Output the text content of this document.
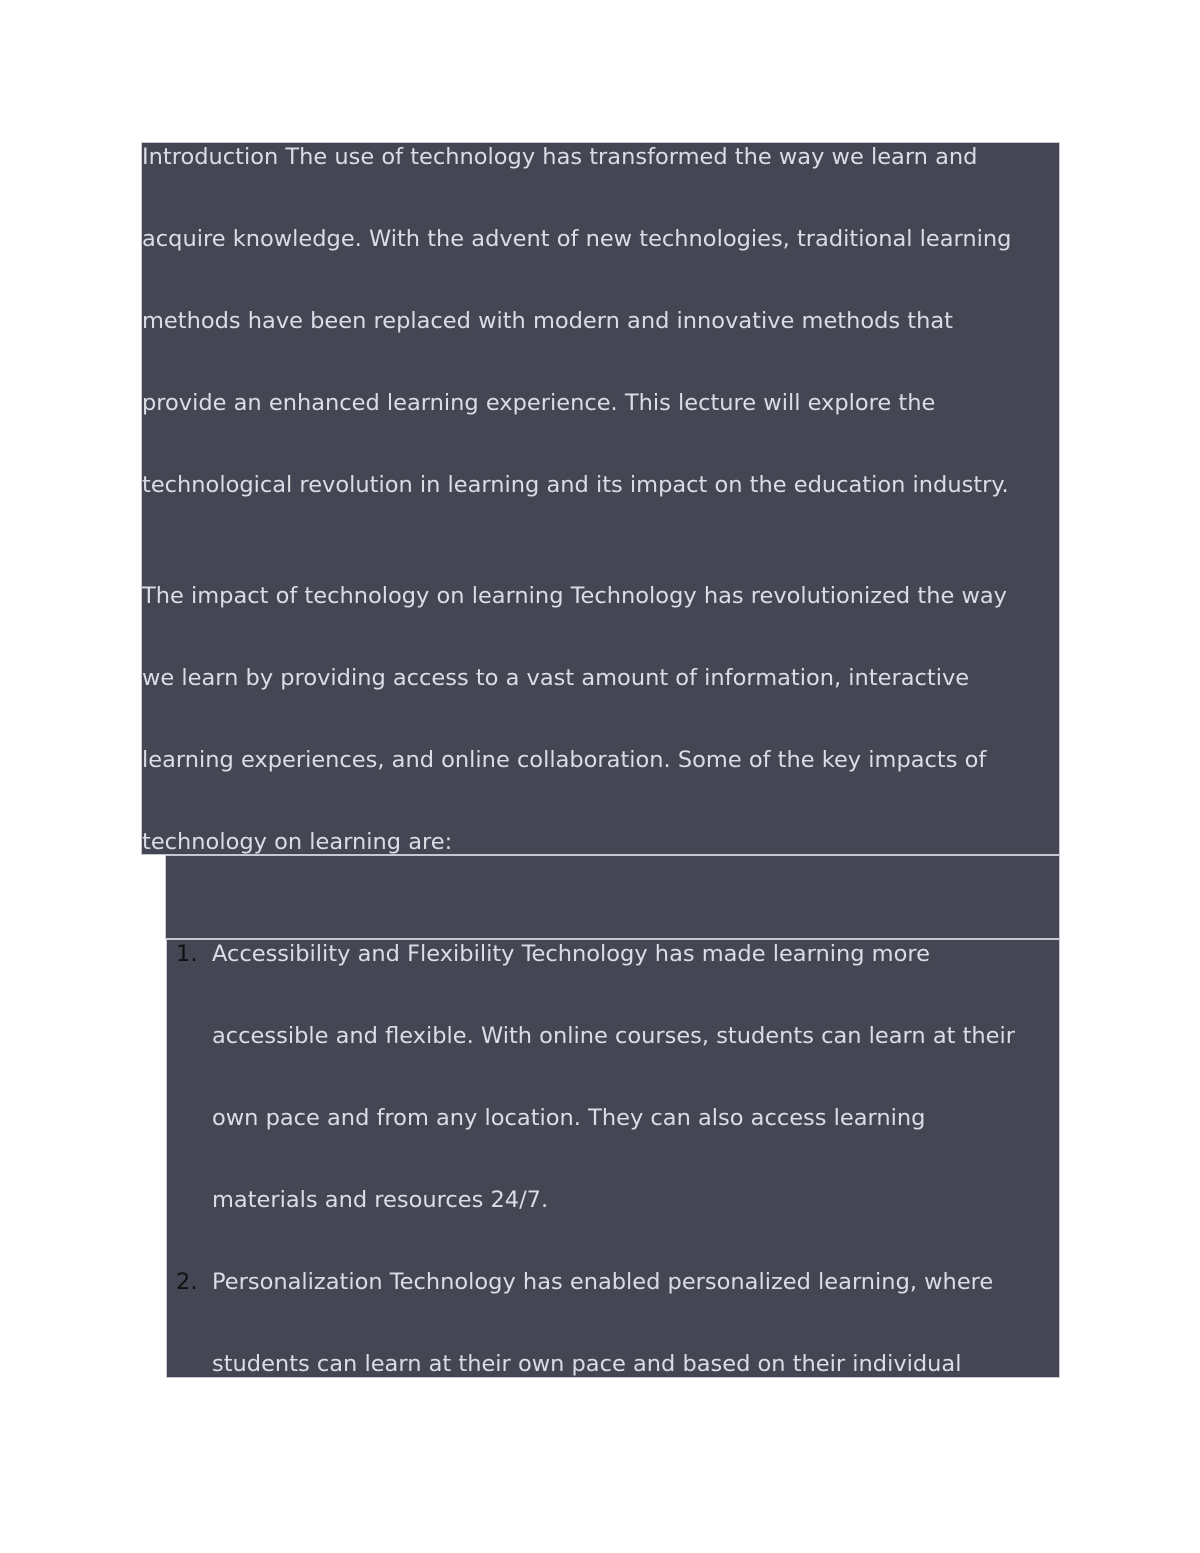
Introduction The use of technology has transformed the way we learn and
acquire knowledge. With the advent of new technologies, traditional learning
methods have been replaced with modern and innovative methods that
provide an enhanced learning experience. This lecture will explore the
technological revolution in learning and its impact on the education industry.
The impact of technology on learning Technology has revolutionized the way
we learn by providing access to a vast amount of information, interactive
learning experiences, and online collaboration. Some of the key impacts of
technology on learning are:
1. Accessibility and Flexibility Technology has made learning more
accessible and flexible. With online courses, students can learn at their
own pace and from any location. They can also access learning
materials and resources 24/7.
2. Personalization Technology has enabled personalized learning, where
students can learn at their own pace and based on their individual
